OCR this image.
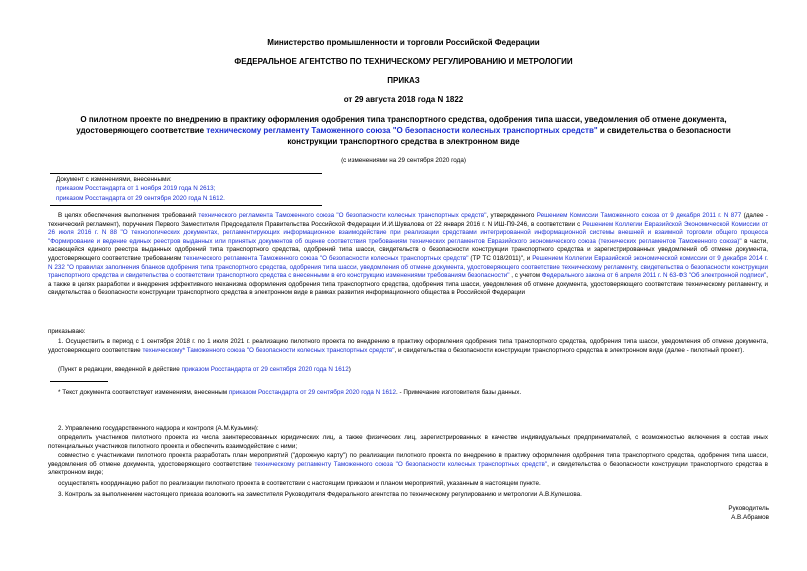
Министерство промышленности и торговли Российской Федерации
ФЕДЕРАЛЬНОЕ АГЕНТСТВО ПО ТЕХНИЧЕСКОМУ РЕГУЛИРОВАНИЮ И МЕТРОЛОГИИ
ПРИКАЗ
от 29 августа 2018 года N 1822
О пилотном проекте по внедрению в практику оформления одобрения типа транспортного средства, одобрения типа шасси, уведомления об отмене документа,
удостоверяющего соответствие техническому регламенту Таможенного союза "О безопасности колесных транспортных средств" и свидетельства о безопасности
конструкции транспортного средства в электронном виде
(с изменениями на 29 сентября 2020 года)
Документ с изменениями, внесенными:
приказом Росстандарта от 1 ноября 2019 года N 2613;
приказом Росстандарта от 29 сентября 2020 года N 1612.
В целях обеспечения выполнения требований технического регламента Таможенного союза "О безопасности колесных транспортных средств", утвержденного Решением Комиссии Таможенного союза от 9 декабря 2011 г. N 877 (далее - технический регламент), поручения Первого Заместителя Председателя Правительства Российской Федерации И.И.Шувалова от 22 января 2016 г. N ИШ-П9-246, в соответствии с Решением Коллегии Евразийской Экономической Комиссии от 26 июля 2016 г. N 88 "О технологических документах, регламентирующих информационное взаимодействие при реализации средствами интегрированной информационной системы внешней и взаимной торговли общего процесса "Формирование и ведение единых реестров выданных или принятых документов об оценке соответствия требованиям технических регламентов Евразийского экономического союза (технических регламентов Таможенного союза)" в части, касающейся единого реестра выданных одобрений типа транспортного средства, одобрений типа шасси, свидетельств о безопасности конструкции транспортного средства и зарегистрированных уведомлений об отмене документа, удостоверяющего соответствие требованиям технического регламента Таможенного союза "О безопасности колесных транспортных средств" (ТР ТС 018/2011)", и Решением Коллегии Евразийской экономической комиссии от 9 декабря 2014 г. N 232 "О правилах заполнения бланков одобрения типа транспортного средства, одобрения типа шасси, уведомления об отмене документа, удостоверяющего соответствие техническому регламенту, свидетельства о безопасности конструкции транспортного средства и свидетельства о соответствии транспортного средства с внесенными в его конструкцию изменениями требованиям безопасности" , с учетом Федерального закона от 6 апреля 2011 г. N 63-ФЗ "Об электронной подписи", а также в целях разработки и внедрения эффективного механизма оформления одобрения типа транспортного средства, одобрения типа шасси, уведомления об отмене документа, удостоверяющего соответствие техническому регламенту, и свидетельства о безопасности конструкции транспортного средства в электронном виде в рамках развития информационного общества в Российской Федерации
приказываю:
1. Осуществить в период с 1 сентября 2018 г. по 1 июля 2021 г. реализацию пилотного проекта по внедрению в практику оформления одобрения типа транспортного средства, одобрения типа шасси, уведомления об отмене документа, удостоверяющего соответствие техническому* Таможенного союза "О безопасности колесных транспортных средств", и свидетельства о безопасности конструкции транспортного средства в электронном виде (далее - пилотный проект).
(Пункт в редакции, введенной в действие приказом Росстандарта от 29 сентября 2020 года N 1612)
* Текст документа соответствует изменениям, внесенным приказом Росстандарта от 29 сентября 2020 года N 1612. - Примечание изготовителя базы данных.
2. Управлению государственного надзора и контроля (А.М.Кузьмин):
определить участников пилотного проекта из числа заинтересованных юридических лиц, а также физических лиц, зарегистрированных в качестве индивидуальных предпринимателей, с возможностью включения в состав иных потенциальных участников пилотного проекта и обеспечить взаимодействие с ними;
совместно с участниками пилотного проекта разработать план мероприятий ("дорожную карту") по реализации пилотного проекта по внедрению в практику оформления одобрения типа транспортного средства, одобрения типа шасси, уведомления об отмене документа, удостоверяющего соответствие техническому регламенту Таможенного союза "О безопасности колесных транспортных средств", и свидетельства о безопасности конструкции транспортного средства в электронном виде;
осуществлять координацию работ по реализации пилотного проекта в соответствии с настоящим приказом и планом мероприятий, указанным в настоящем пункте.
3. Контроль за выполнением настоящего приказа возложить на заместителя Руководителя Федерального агентства по техническому регулированию и метрологии А.В.Кулешова.
Руководитель
А.В.Абрамов
